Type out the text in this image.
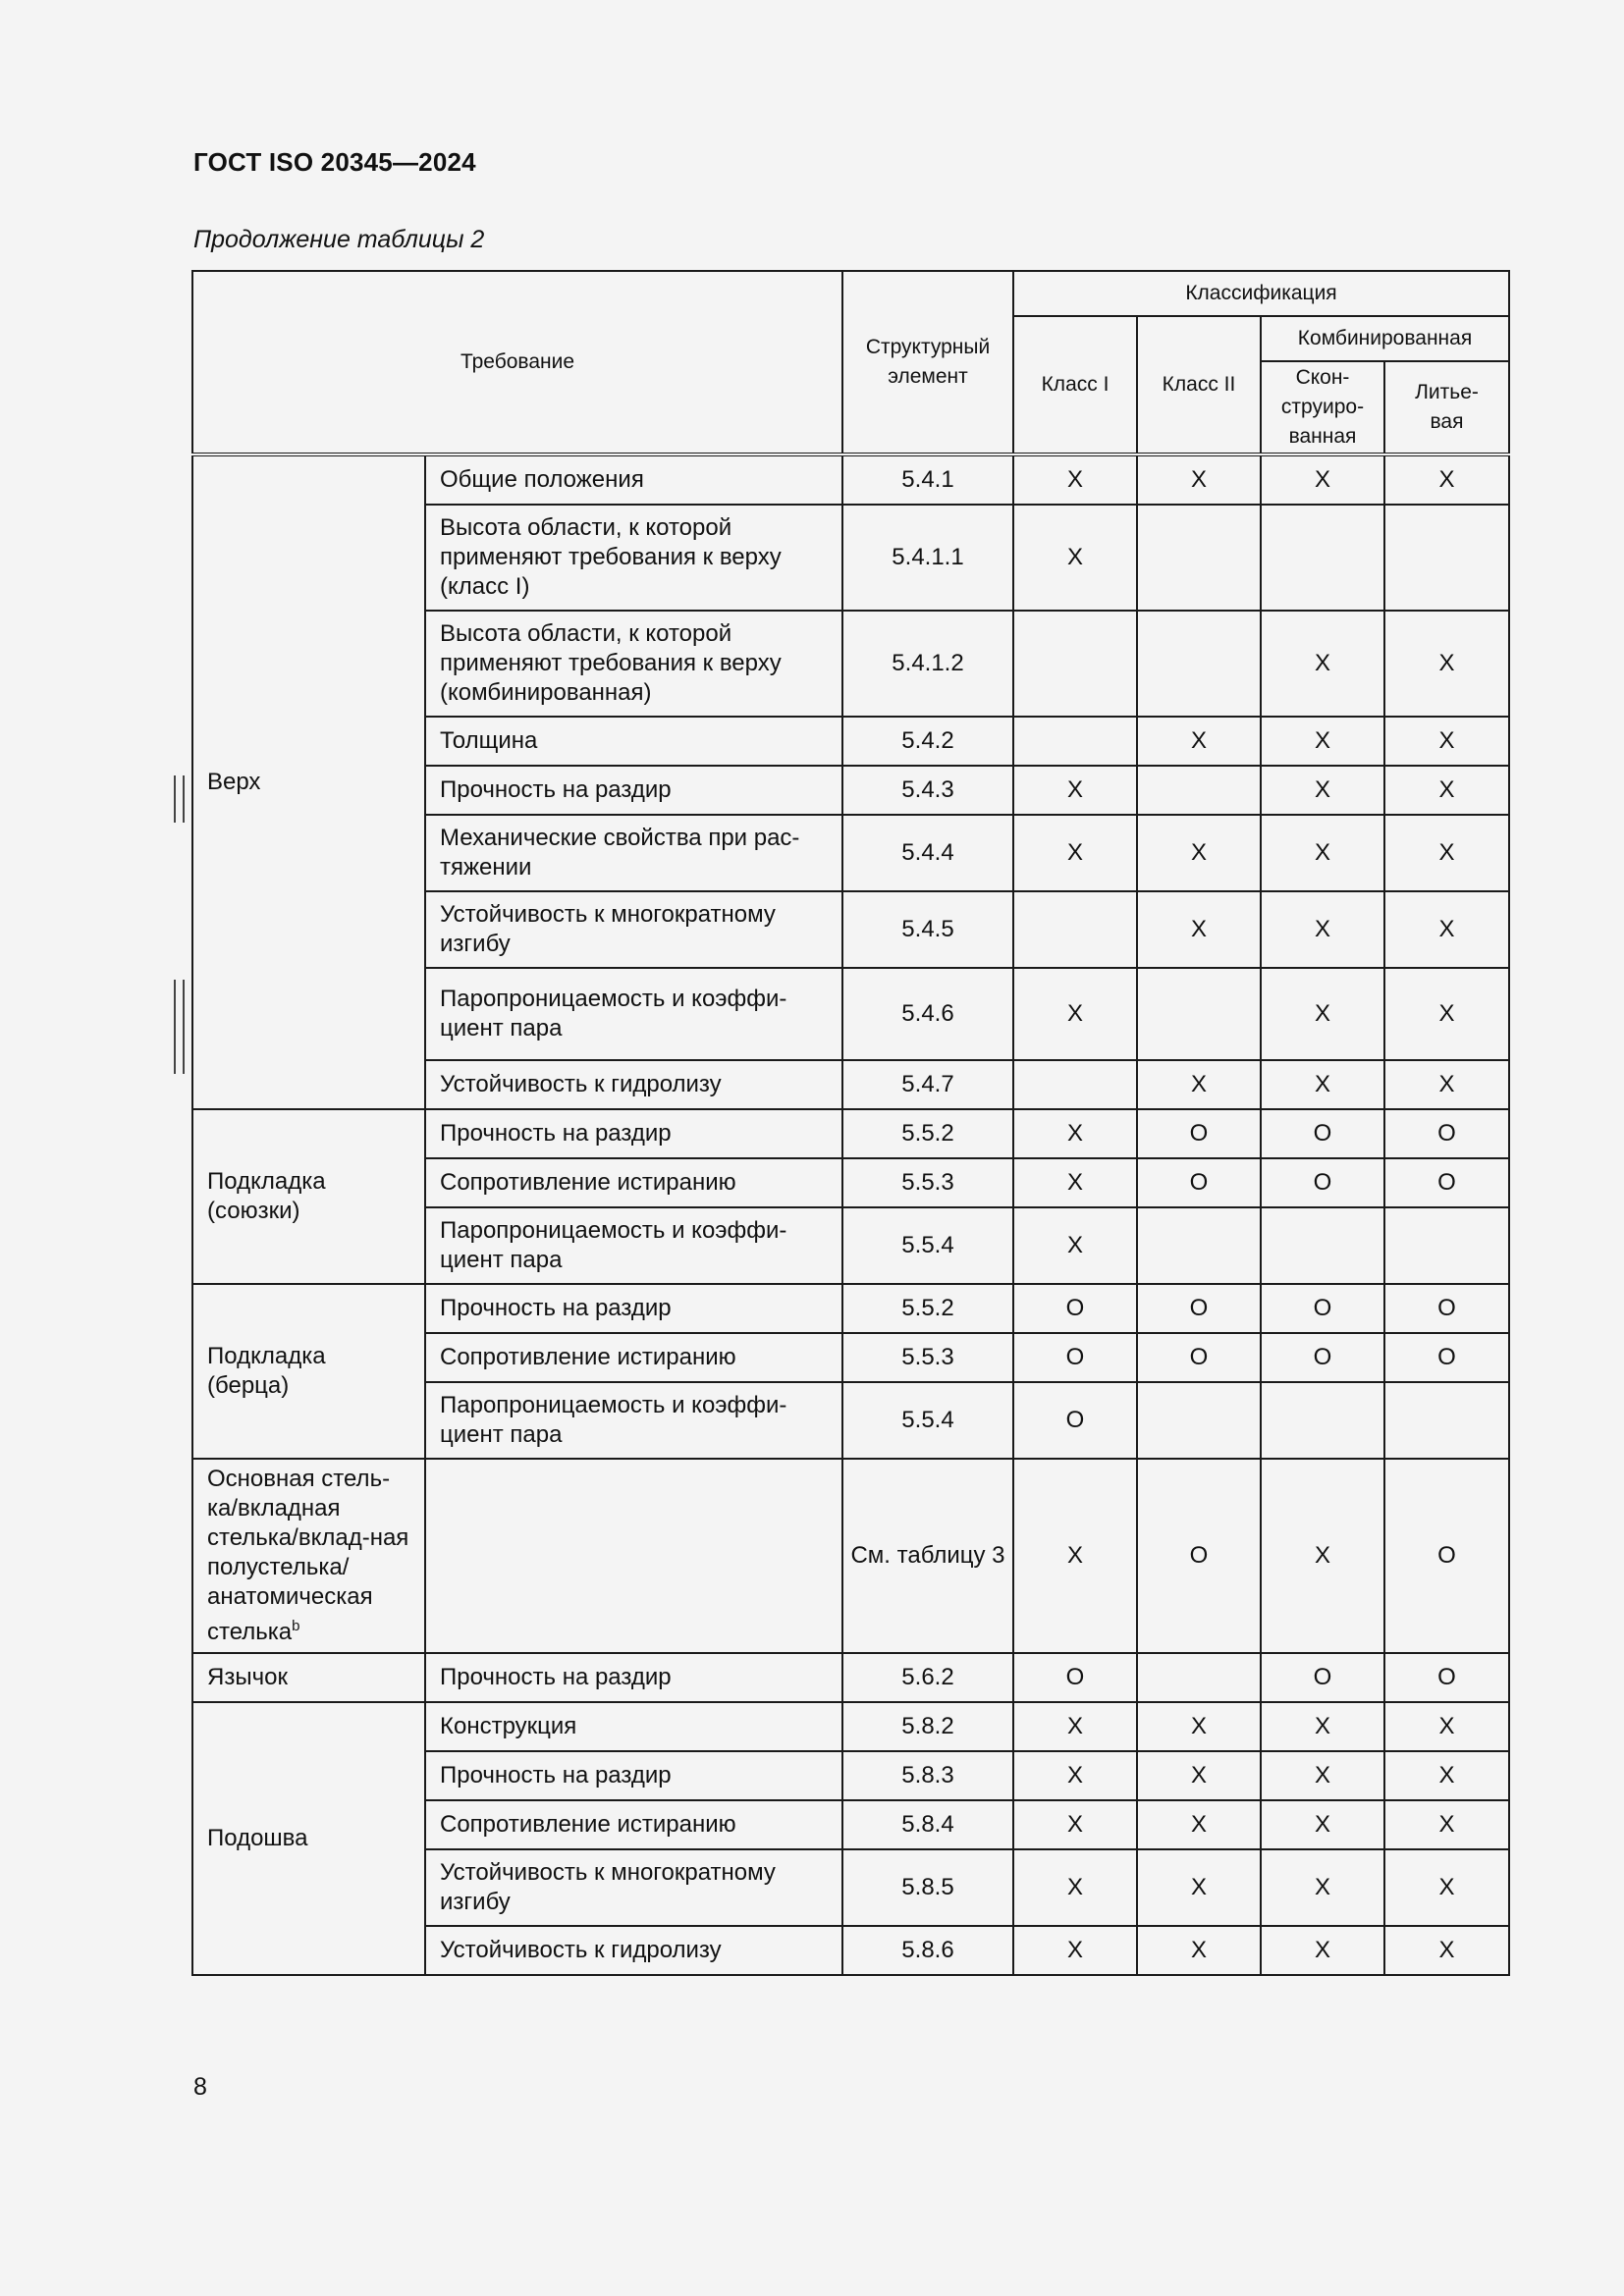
ГОСТ ISO 20345—2024
Продолжение таблицы 2
Требование		Структурный элемент	Классификация			
			Класс I	Класс II	Комбинированная	
					Скон-струиро-ванная	Литье-вая
Верх	Общие положения	5.4.1	X	X	X	X
	Высота области, к которой применяют требования к верху (класс I)	5.4.1.1	X			
	Высота области, к которой применяют требования к верху (комбинированная)	5.4.1.2			X	X
	Толщина	5.4.2		X	X	X
	Прочность на раздир	5.4.3	X		X	X
	Механические свойства при рас-тяжении	5.4.4	X	X	X	X
	Устойчивость к многократному изгибу	5.4.5		X	X	X
	Паропроницаемость и коэффи-циент пара	5.4.6	X		X	X
	Устойчивость к гидролизу	5.4.7		X	X	X
Подкладка (союзки)	Прочность на раздир	5.5.2	X	O	O	O
	Сопротивление истиранию	5.5.3	X	O	O	O
	Паропроницаемость и коэффи-циент пара	5.5.4	X			
Подкладка (берца)	Прочность на раздир	5.5.2	O	O	O	O
	Сопротивление истиранию	5.5.3	O	O	O	O
	Паропроницаемость и коэффи-циент пара	5.5.4	O			
Основная стель-ка/вкладная стелька/вклад-ная полустелька/ анатомическая стелька$^b$		См. таблицу 3	X	O	X	O
Язычок	Прочность на раздир	5.6.2	O		O	O
Подошва	Конструкция	5.8.2	X	X	X	X
	Прочность на раздир	5.8.3	X	X	X	X
	Сопротивление истиранию	5.8.4	X	X	X	X
	Устойчивость к многократному изгибу	5.8.5	X	X	X	X
	Устойчивость к гидролизу	5.8.6	X	X	X	X
8
